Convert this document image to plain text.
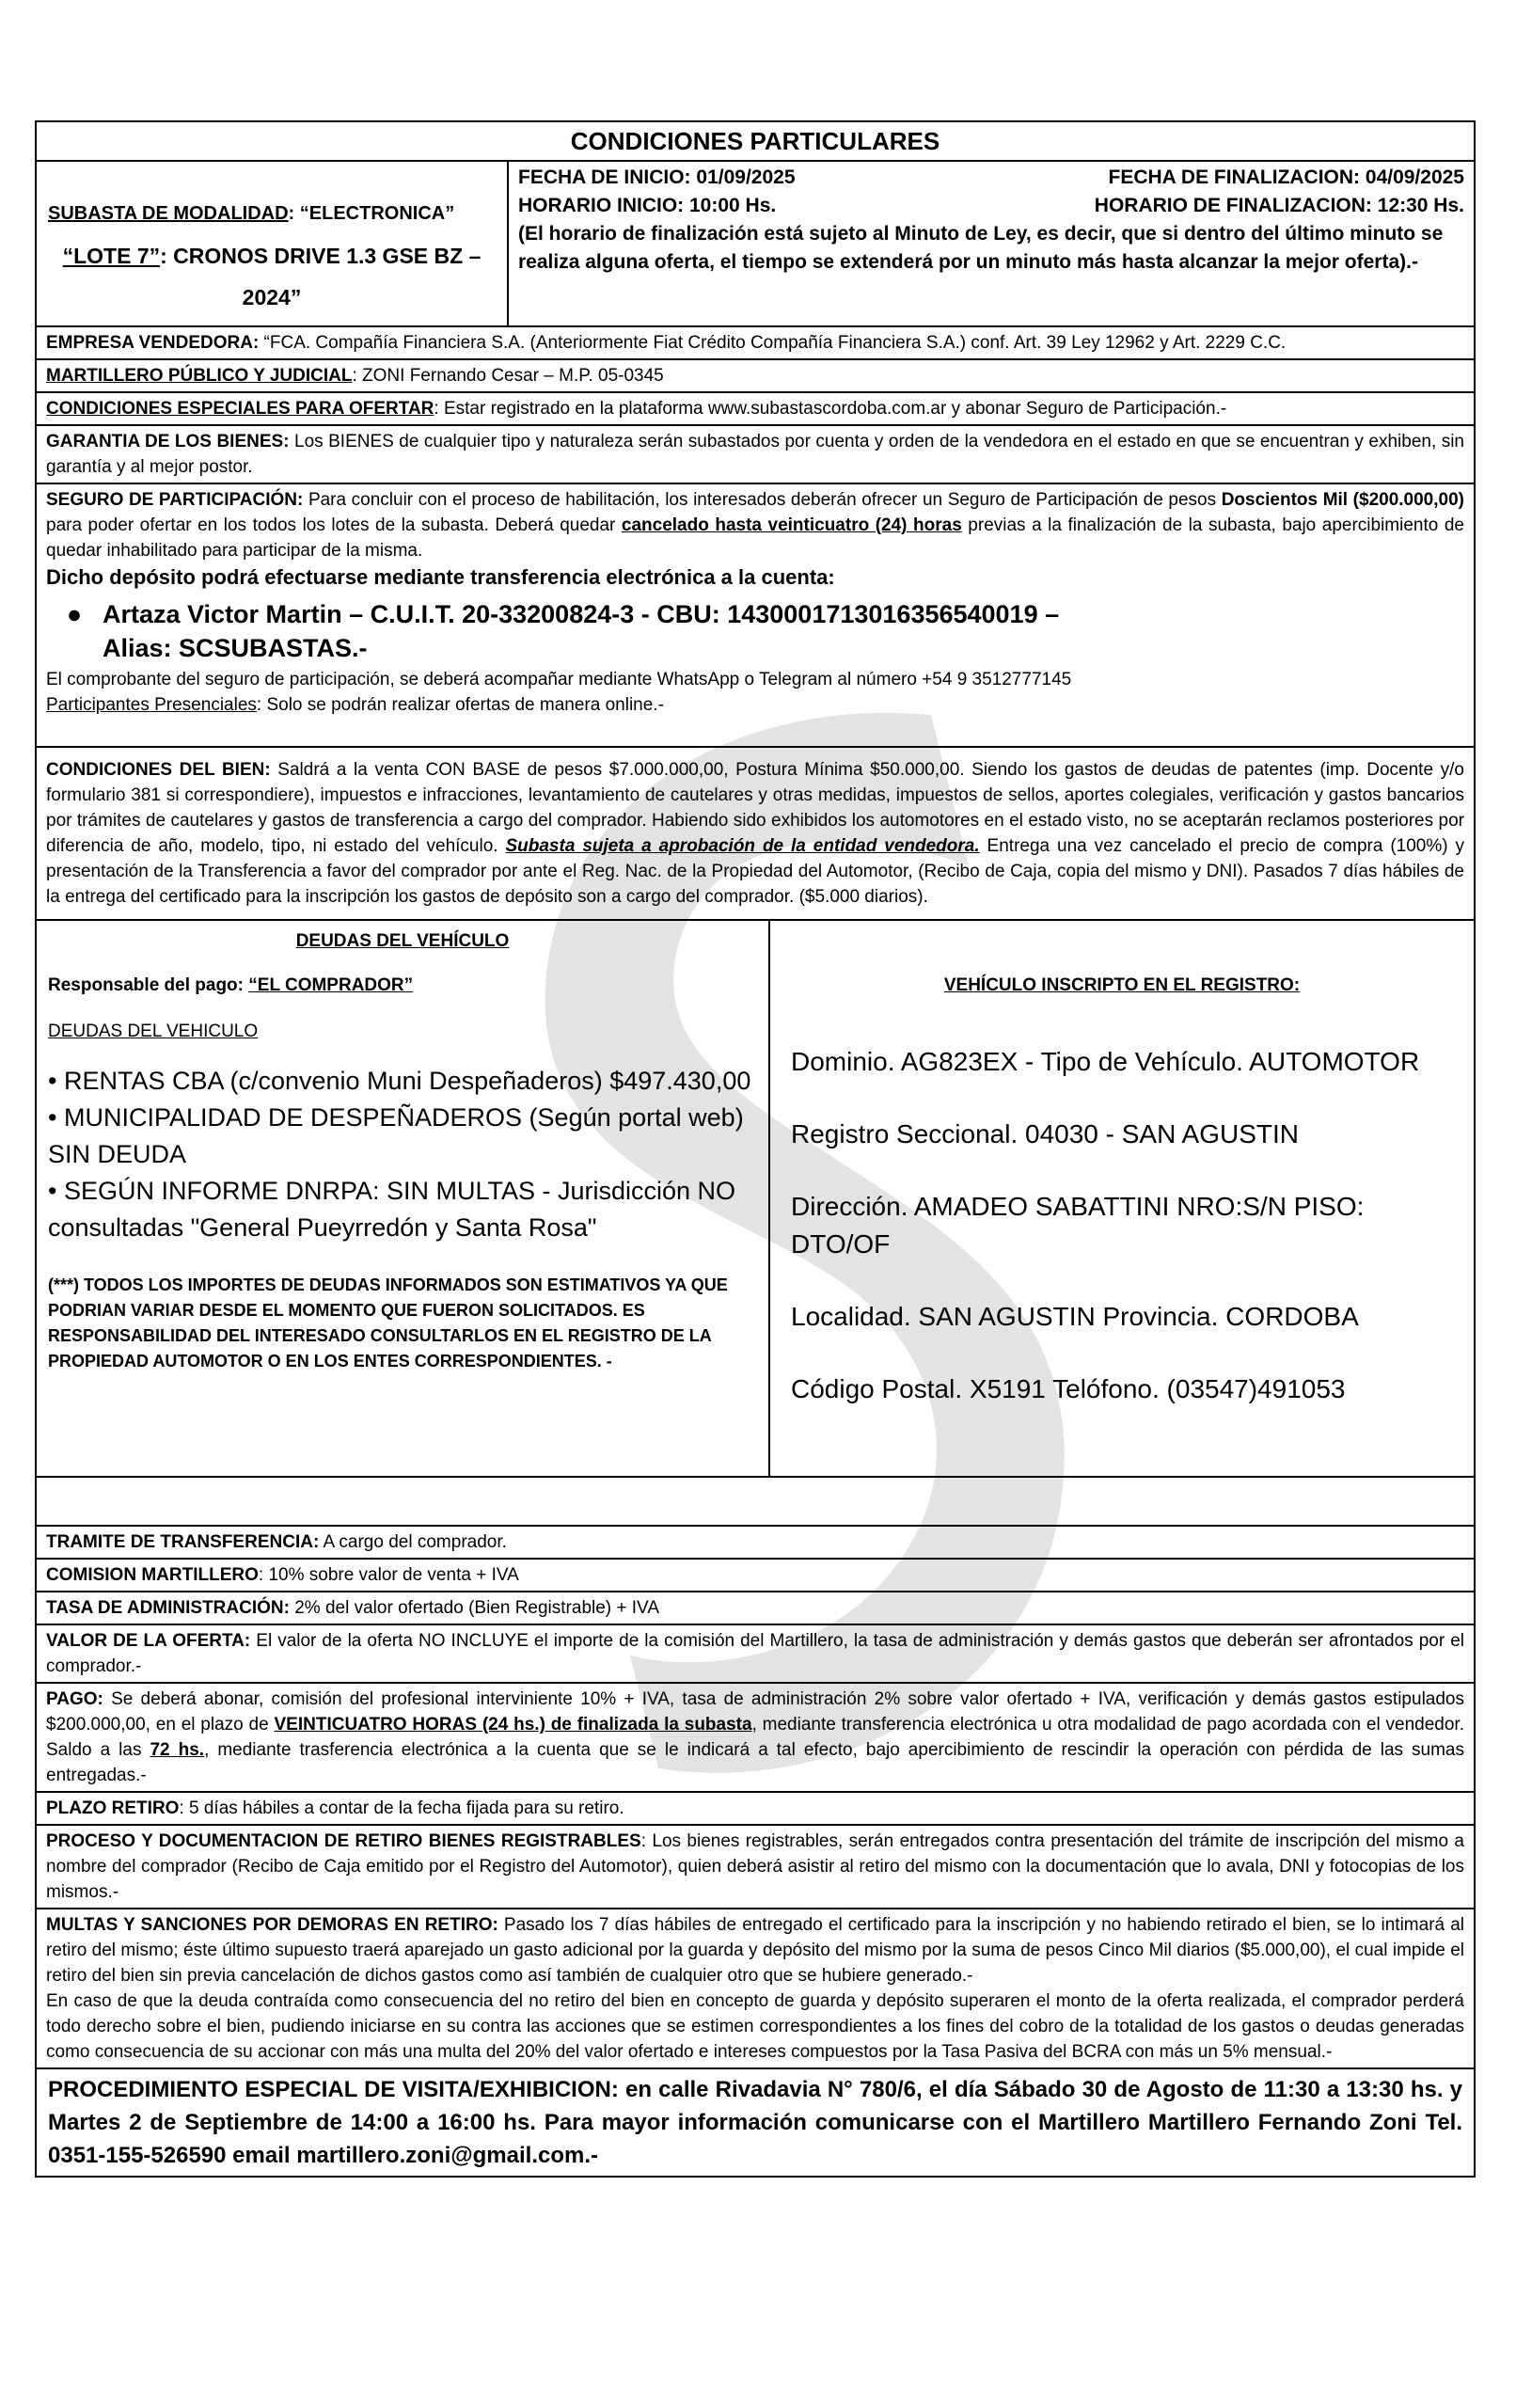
CONDICIONES PARTICULARES
SUBASTA DE MODALIDAD: “ELECTRONICA”
“LOTE 7”: CRONOS DRIVE 1.3 GSE BZ – 2024”
FECHA DE INICIO: 01/09/2025	FECHA DE FINALIZACION: 04/09/2025
HORARIO INICIO: 10:00 Hs.	HORARIO DE FINALIZACION: 12:30 Hs.
(El horario de finalización está sujeto al Minuto de Ley, es decir, que si dentro del último minuto se realiza alguna oferta, el tiempo se extenderá por un minuto más hasta alcanzar la mejor oferta).-
EMPRESA VENDEDORA: “FCA. Compañía Financiera S.A. (Anteriormente Fiat Crédito Compañía Financiera S.A.) conf. Art. 39 Ley 12962 y Art. 2229 C.C.
MARTILLERO PÚBLICO Y JUDICIAL: ZONI Fernando Cesar – M.P. 05-0345
CONDICIONES ESPECIALES PARA OFERTAR: Estar registrado en la plataforma www.subastascordoba.com.ar y abonar Seguro de Participación.-
GARANTIA DE LOS BIENES: Los BIENES de cualquier tipo y naturaleza serán subastados por cuenta y orden de la vendedora en el estado en que se encuentran y exhiben, sin garantía y al mejor postor.
SEGURO DE PARTICIPACIÓN: Para concluir con el proceso de habilitación, los interesados deberán ofrecer un Seguro de Participación de pesos Doscientos Mil ($200.000,00) para poder ofertar en los todos los lotes de la subasta. Deberá quedar cancelado hasta veinticuatro (24) horas previas a la finalización de la subasta, bajo apercibimiento de quedar inhabilitado para participar de la misma.
Dicho depósito podrá efectuarse mediante transferencia electrónica a la cuenta:
● Artaza Victor Martin – C.U.I.T. 20-33200824-3 - CBU: 1430001713016356540019 –
Alias: SCSUBASTAS.-
El comprobante del seguro de participación, se deberá acompañar mediante WhatsApp o Telegram al número +54 9 3512777145
Participantes Presenciales: Solo se podrán realizar ofertas de manera online.-
CONDICIONES DEL BIEN: Saldrá a la venta CON BASE de pesos $7.000.000,00, Postura Mínima $50.000,00. Siendo los gastos de deudas de patentes (imp. Docente y/o formulario 381 si correspondiere), impuestos e infracciones, levantamiento de cautelares y otras medidas, impuestos de sellos, aportes colegiales, verificación y gastos bancarios por trámites de cautelares y gastos de transferencia a cargo del comprador. Habiendo sido exhibidos los automotores en el estado visto, no se aceptarán reclamos posteriores por diferencia de año, modelo, tipo, ni estado del vehículo. Subasta sujeta a aprobación de la entidad vendedora. Entrega una vez cancelado el precio de compra (100%) y presentación de la Transferencia a favor del comprador por ante el Reg. Nac. de la Propiedad del Automotor, (Recibo de Caja, copia del mismo y DNI). Pasados 7 días hábiles de la entrega del certificado para la inscripción los gastos de depósito son a cargo del comprador. ($5.000 diarios).
DEUDAS DEL VEHÍCULO
Responsable del pago: “EL COMPRADOR”
DEUDAS DEL VEHICULO
• RENTAS CBA (c/convenio Muni Despeñaderos) $497.430,00
• MUNICIPALIDAD DE DESPEÑADEROS (Según portal web) SIN DEUDA
• SEGÚN INFORME DNRPA: SIN MULTAS - Jurisdicción NO consultadas "General Pueyrredón y Santa Rosa"
(***) TODOS LOS IMPORTES DE DEUDAS INFORMADOS SON ESTIMATIVOS YA QUE PODRIAN VARIAR DESDE EL MOMENTO QUE FUERON SOLICITADOS. ES RESPONSABILIDAD DEL INTERESADO CONSULTARLOS EN EL REGISTRO DE LA PROPIEDAD AUTOMOTOR O EN LOS ENTES CORRESPONDIENTES. -
VEHÍCULO INSCRIPTO EN EL REGISTRO:
Dominio. AG823EX - Tipo de Vehículo. AUTOMOTOR
Registro Seccional. 04030 - SAN AGUSTIN
Dirección. AMADEO SABATTINI NRO:S/N PISO: DTO/OF
Localidad. SAN AGUSTIN Provincia. CORDOBA
Código Postal. X5191 Telófono. (03547)491053
TRAMITE DE TRANSFERENCIA: A cargo del comprador.
COMISION MARTILLERO: 10% sobre valor de venta + IVA
TASA DE ADMINISTRACIÓN: 2% del valor ofertado (Bien Registrable) + IVA
VALOR DE LA OFERTA: El valor de la oferta NO INCLUYE el importe de la comisión del Martillero, la tasa de administración y demás gastos que deberán ser afrontados por el comprador.-
PAGO: Se deberá abonar, comisión del profesional interviniente 10% + IVA, tasa de administración 2% sobre valor ofertado + IVA, verificación y demás gastos estipulados $200.000,00, en el plazo de VEINTICUATRO HORAS (24 hs.) de finalizada la subasta, mediante transferencia electrónica u otra modalidad de pago acordada con el vendedor. Saldo a las 72 hs., mediante trasferencia electrónica a la cuenta que se le indicará a tal efecto, bajo apercibimiento de rescindir la operación con pérdida de las sumas entregadas.-
PLAZO RETIRO: 5 días hábiles a contar de la fecha fijada para su retiro.
PROCESO Y DOCUMENTACION DE RETIRO BIENES REGISTRABLES: Los bienes registrables, serán entregados contra presentación del trámite de inscripción del mismo a nombre del comprador (Recibo de Caja emitido por el Registro del Automotor), quien deberá asistir al retiro del mismo con la documentación que lo avala, DNI y fotocopias de los mismos.-
MULTAS Y SANCIONES POR DEMORAS EN RETIRO: Pasado los 7 días hábiles de entregado el certificado para la inscripción y no habiendo retirado el bien, se lo intimará al retiro del mismo; éste último supuesto traerá aparejado un gasto adicional por la guarda y depósito del mismo por la suma de pesos Cinco Mil diarios ($5.000,00), el cual impide el retiro del bien sin previa cancelación de dichos gastos como así también de cualquier otro que se hubiere generado.-
En caso de que la deuda contraída como consecuencia del no retiro del bien en concepto de guarda y depósito superaren el monto de la oferta realizada, el comprador perderá todo derecho sobre el bien, pudiendo iniciarse en su contra las acciones que se estimen correspondientes a los fines del cobro de la totalidad de los gastos o deudas generadas como consecuencia de su accionar con más una multa del 20% del valor ofertado e intereses compuestos por la Tasa Pasiva del BCRA con más un 5% mensual.-
PROCEDIMIENTO ESPECIAL DE VISITA/EXHIBICION: en calle Rivadavia N° 780/6, el día Sábado 30 de Agosto de 11:30 a 13:30 hs. y Martes 2 de Septiembre de 14:00 a 16:00 hs. Para mayor información comunicarse con el Martillero Martillero Fernando Zoni Tel. 0351-155-526590 email martillero.zoni@gmail.com.-
